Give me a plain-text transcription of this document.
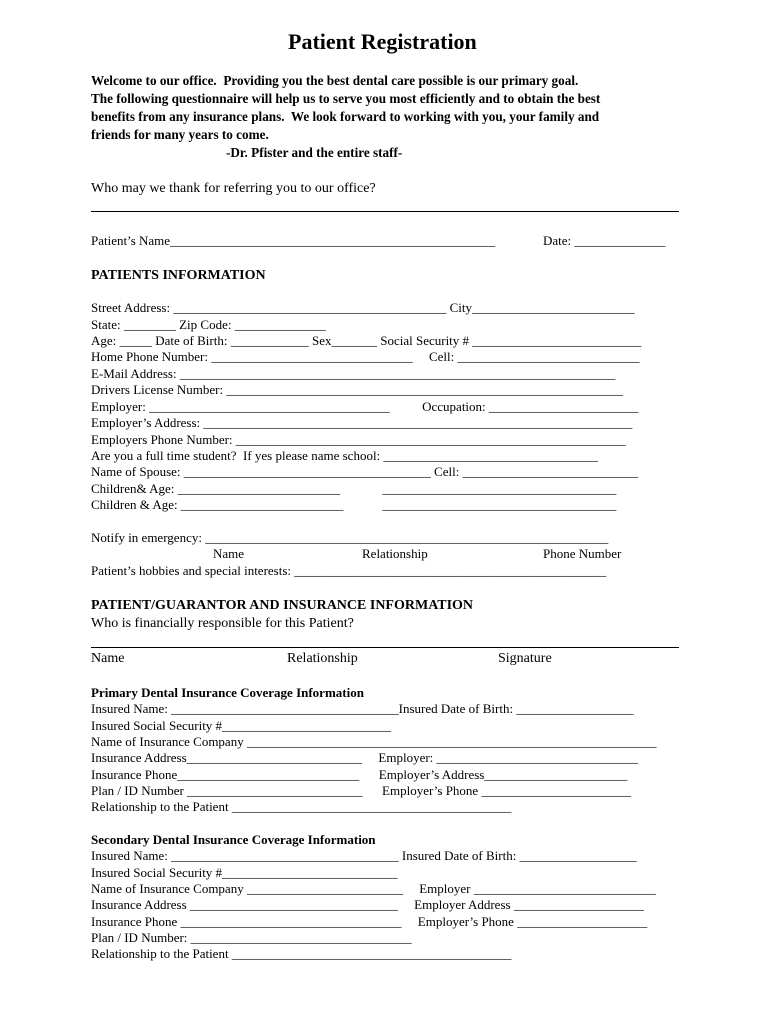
Patient Registration
Welcome to our office.  Providing you the best dental care possible is our primary goal.
The following questionnaire will help us to serve you most efficiently and to obtain the best
benefits from any insurance plans.  We look forward to working with you, your family and
friends for many years to come.
-Dr. Pfister and the entire staff-
Who may we thank for referring you to our office?
Patient’s Name__________________________________________________	Date: ______________
PATIENTS INFORMATION
Street Address: __________________________________________ City_________________________
State: ________ Zip Code: ______________
Age: _____ Date of Birth: ____________ Sex_______ Social Security # __________________________
Home Phone Number: _______________________________     Cell: ____________________________
E-Mail Address: ___________________________________________________________________
Drivers License Number: _____________________________________________________________
Employer: _____________________________________          Occupation: _______________________
Employer’s Address: __________________________________________________________________
Employers Phone Number: ____________________________________________________________
Are you a full time student?  If yes please name school: _________________________________
Name of Spouse: ______________________________________ Cell: ___________________________
Children& Age: _________________________             ____________________________________
Children & Age: _________________________            ____________________________________
Notify in emergency: ______________________________________________________________
Name	Relationship	Phone Number
Patient’s hobbies and special interests: ________________________________________________
PATIENT/GUARANTOR AND INSURANCE INFORMATION
Who is financially responsible for this Patient?
Name	Relationship	Signature
Primary Dental Insurance Coverage Information
Insured Name: ___________________________________Insured Date of Birth: __________________
Insured Social Security #__________________________
Name of Insurance Company _______________________________________________________________
Insurance Address___________________________     Employer: _______________________________
Insurance Phone____________________________      Employer’s Address______________________
Plan / ID Number ___________________________      Employer’s Phone _______________________
Relationship to the Patient ___________________________________________
Secondary Dental Insurance Coverage Information
Insured Name: ___________________________________ Insured Date of Birth: __________________
Insured Social Security #___________________________
Name of Insurance Company ________________________     Employer ____________________________
Insurance Address ________________________________     Employer Address ____________________
Insurance Phone __________________________________     Employer’s Phone ____________________
Plan / ID Number: __________________________________
Relationship to the Patient ___________________________________________
